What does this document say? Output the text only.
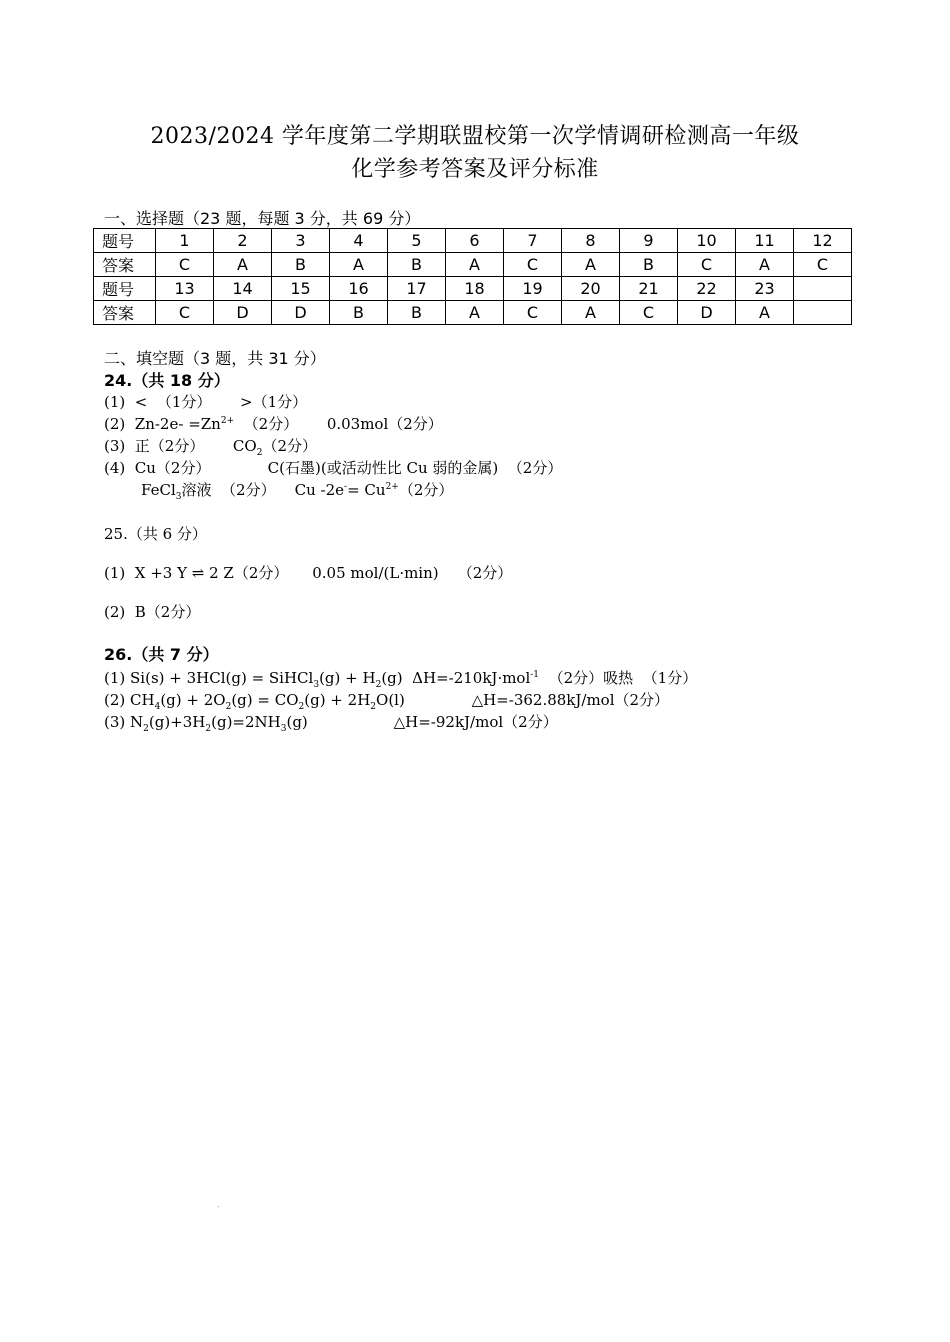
2023/2024 学年度第二学期联盟校第一次学情调研检测高一年级
化学参考答案及评分标准
一、选择题（23 题，每题 3 分，共 69 分）
题号	1	2	3	4	5	6	7	8	9	10	11	12
答案	C	A	B	A	B	A	C	A	B	C	A	C
题号	13	14	15	16	17	18	19	20	21	22	23	
答案	C	D	D	B	B	A	C	A	C	D	A	
二、填空题（3 题，共 31 分）
24.（共 18 分）
(1)  <  （1分）      >（1分）
(2)  $Zn-2e- =Zn^{2+}$  （2分）      0.03mol（2分）
(3)  正（2分）      $CO_2(2$分）
(4)  Cu（2分）            C(石墨)(或活动性比 Cu 弱的金属)  （2分）
FeCl$_3$溶液  （2分）    Cu $-2e^-= Cu^{2+}(2$分）
25.（共 6 分）
(1)  X +3 Y ⇌ 2 Z（2分）     0.05 mol/(L·min)    （2分）
(2)  B（2分）
26.（共 7 分）
(1) Si(s) + 3HCl(g) = SiHCl$_3$(g) + $H_2(g)$  ΔH=-210kJ·mol$^{-1}$  （2分）吸热  （1分）
(2) $CH_4(g) + 2O_2(g) = CO_2(g) + 2H_2O(l)$              △H=-362.88kJ/mol（2分）
(3) $N_2(g)+3H_2(g)=2NH_3(g)$                  △H=-92kJ/mol（2分）
